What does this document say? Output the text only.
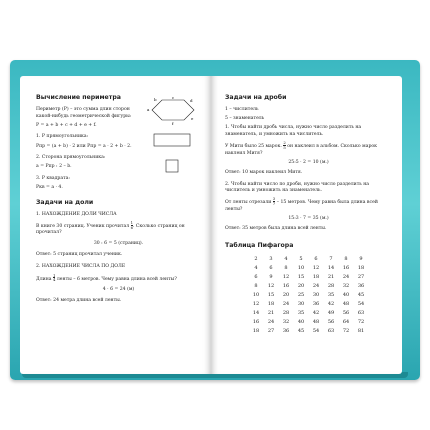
Вычисление периметра

Периметр (Р) – это сумма длин сторон какой-нибудь геометрической фигуры:

P = a + b + c + d + e + f.

1. P прямоугольника:

Pпр = (a + b) · 2 или Pпр = a · 2 + b · 2.

2. Сторона прямоугольника:

a = Pпр : 2 – b.

3. P квадрата:

Pкв = a · 4.

a
b	c
d
e
f
Задачи на доли

1. НАХОЖДЕНИЕ ДОЛИ ЧИСЛА

В книге 30 страниц. Ученик прочитал $\frac{1}{6}$ . Сколько страниц он прочитал?

30 : 6 = 5 (страниц).

Ответ: 5 страниц прочитал ученик.

2. НАХОЖДЕНИЕ ЧИСЛА ПО ДОЛЕ

Длина $\frac{1}{4}$ ленты – 6 метров. Чему равна длина всей ленты?

4 · 6 = 24 (м)

Ответ: 24 метра длина всей ленты.

Задачи на дроби

1 – числитель

5 – знаменатель

1. Чтобы найти дробь числа, нужно число разделить на знаменатель, и умножить на числитель.

У Мити было 25 марок. $\frac{2}{5}$ он наклеил в альбом. Сколько марок наклеил Митя?

25:5 · 2 = 10 (м.)

Ответ: 10 марок наклеил Митя.

2. Чтобы найти число по дроби, нужно число разделить на числитель и умножить на знаменатель.

От ленты отрезали $\frac{3}{7} - 15$ метров. Чему равна была длина всей ленты?

15:3 · 7 = 35 (м.)

Ответ: 35 метров была длина всей ленты.

Таблица Пифагора
2	3	4	5	6	7	8	9
4	6	8	10	12	14	16	18
6	9	12	15	18	21	24	27
8	12	16	20	24	28	32	36
10	15	20	25	30	35	40	45
12	18	24	30	36	42	48	54
14	21	28	35	42	49	56	63
16	24	32	40	48	56	64	72
18	27	36	45	54	63	72	81
